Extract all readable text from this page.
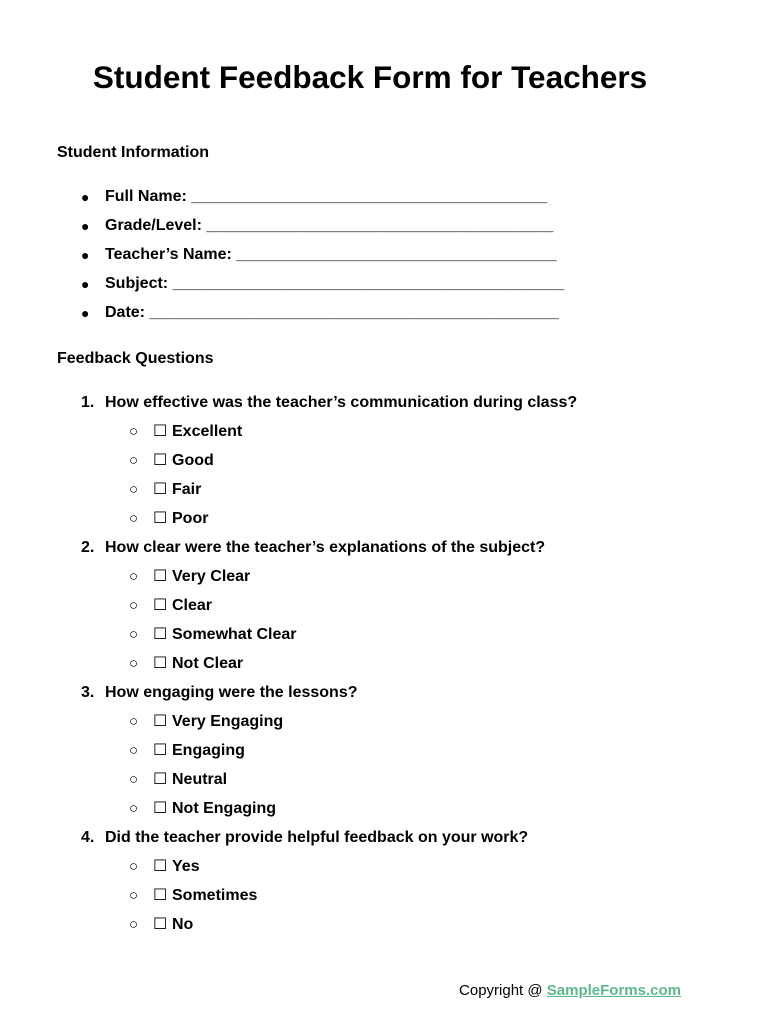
Student Feedback Form for Teachers
Student Information
● Full Name: ________________________________________
● Grade/Level: _______________________________________
● Teacher’s Name: ____________________________________
● Subject: ____________________________________________
● Date: ______________________________________________
Feedback Questions
1. How effective was the teacher’s communication during class?
○ ☐ Excellent
○ ☐ Good
○ ☐ Fair
○ ☐ Poor
2. How clear were the teacher’s explanations of the subject?
○ ☐ Very Clear
○ ☐ Clear
○ ☐ Somewhat Clear
○ ☐ Not Clear
3. How engaging were the lessons?
○ ☐ Very Engaging
○ ☐ Engaging
○ ☐ Neutral
○ ☐ Not Engaging
4. Did the teacher provide helpful feedback on your work?
○ ☐ Yes
○ ☐ Sometimes
○ ☐ No
Copyright @ SampleForms.com
